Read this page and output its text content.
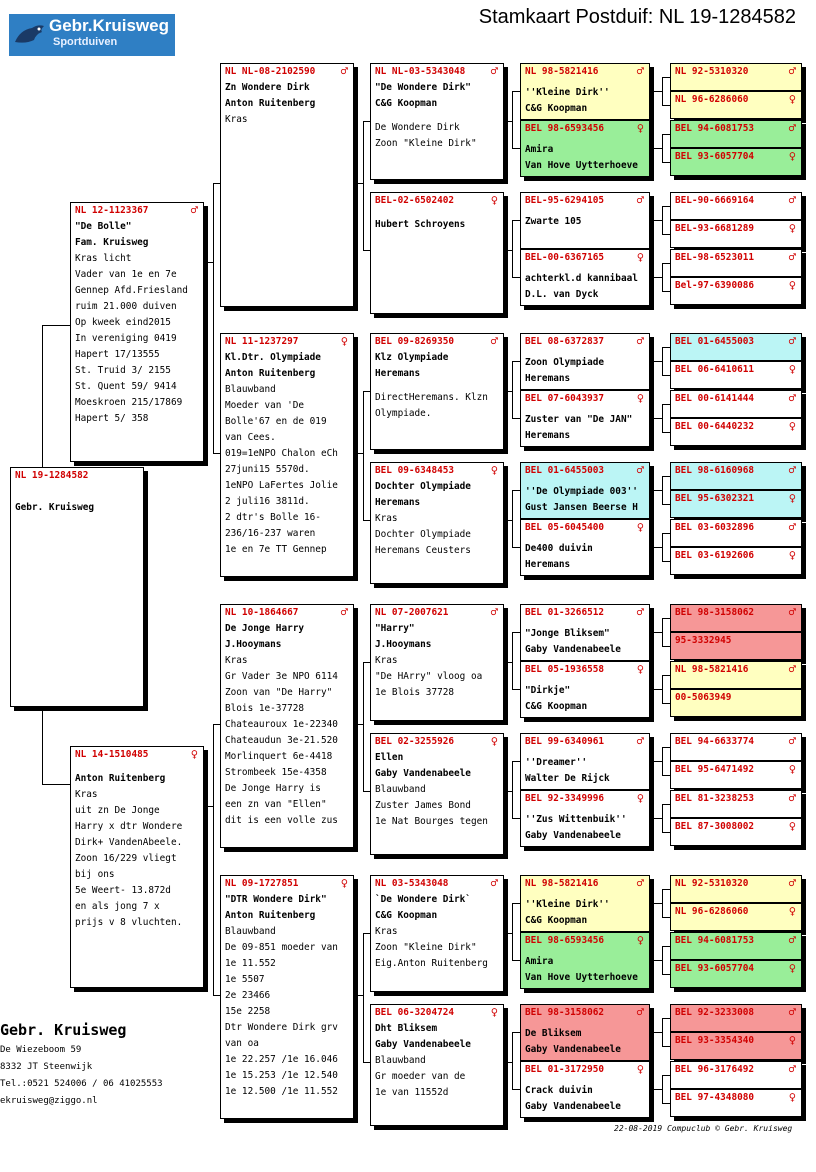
Gebr.Kruisweg
Sportduiven
Stamkaart Postduif: NL 19-1284582
NL 19-1284582
Gebr. Kruisweg
NL 12-1123367	♂
"De Bolle"
Fam. Kruisweg
Kras licht
Vader van 1e en 7e
Gennep Afd.Friesland
ruim 21.000 duiven
Op kweek eind2015
In vereniging 0419
Hapert 17/13555
St. Truid 3/ 2155
St. Quent 59/ 9414
Moeskroen 215/17869
Hapert 5/ 358
NL 14-1510485	♀
Anton Ruitenberg
Kras
uit zn De Jonge
Harry x dtr Wondere
Dirk+ VandenAbeele.
Zoon 16/229 vliegt
bij ons
5e Weert- 13.872d
en als jong 7 x
prijs v 8 vluchten.
NL NL-08-2102590	♂
Zn Wondere Dirk
Anton Ruitenberg
Kras
NL 11-1237297	♀
Kl.Dtr. Olympiade
Anton Ruitenberg
Blauwband
Moeder van 'De
Bolle'67 en de 019
van Cees.
019=1eNPO Chalon eCh
27juni15 5570d.
1eNPO LaFertes Jolie
2 juli16 3811d.
2 dtr's Bolle 16-
236/16-237 waren
1e en 7e TT Gennep
NL 10-1864667	♂
De Jonge Harry
J.Hooymans
Kras
Gr Vader 3e NPO 6114
Zoon van "De Harry"
Blois 1e-37728
Chateauroux 1e-22340
Chateaudun 3e-21.520
Morlinquert 6e-4418
Strombeek 15e-4358
De Jonge Harry is
een zn van "Ellen"
dit is een volle zus
NL 09-1727851	♀
"DTR Wondere Dirk"
Anton Ruitenberg
Blauwband
De 09-851 moeder van
1e 11.552
1e 5507
2e 23466
15e 2258
Dtr Wondere Dirk grv
van oa
1e 22.257 /1e 16.046
1e 15.253 /1e 12.540
1e 12.500 /1e 11.552
NL NL-03-5343048	♂
"De Wondere Dirk"
C&G Koopman
De Wondere Dirk
Zoon "Kleine Dirk"
BEL-02-6502402	♀
Hubert Schroyens
BEL 09-8269350	♂
Klz Olympiade
Heremans
DirectHeremans. Klzn
Olympiade.
BEL 09-6348453	♀
Dochter Olympiade
Heremans
Kras
Dochter Olympiade
Heremans Ceusters
NL 07-2007621	♂
"Harry"
J.Hooymans
Kras
"De HArry" vloog oa
1e Blois 37728
BEL 02-3255926	♀
Ellen
Gaby Vandenabeele
Blauwband
Zuster James Bond
1e Nat Bourges tegen
NL 03-5343048	♂
`De Wondere Dirk`
C&G Koopman
Kras
Zoon "Kleine Dirk"
Eig.Anton Ruitenberg
BEL 06-3204724	♀
Dht Bliksem
Gaby Vandenabeele
Blauwband
Gr moeder van de
1e van 11552d
NL 98-5821416	♂
''Kleine Dirk''
C&G Koopman
BEL 98-6593456	♀
Amira
Van Hove Uytterhoeve
BEL-95-6294105	♂
Zwarte 105
BEL-00-6367165	♀
achterkl.d kannibaal
D.L. van Dyck
BEL 08-6372837	♂
Zoon Olympiade
Heremans
BEL 07-6043937	♀
Zuster van "De JAN"
Heremans
BEL 01-6455003	♂
''De Olympiade 003''
Gust Jansen Beerse H
BEL 05-6045400	♀
De400 duivin
Heremans
BEL 01-3266512	♂
"Jonge Bliksem"
Gaby Vandenabeele
BEL 05-1936558	♀
"Dirkje"
C&G Koopman
BEL 99-6340961	♂
''Dreamer''
Walter De Rijck
BEL 92-3349996	♀
''Zus Wittenbuik''
Gaby Vandenabeele
NL 98-5821416	♂
''Kleine Dirk''
C&G Koopman
BEL 98-6593456	♀
Amira
Van Hove Uytterhoeve
BEL 98-3158062	♂
De Bliksem
Gaby Vandenabeele
BEL 01-3172950	♀
Crack duivin
Gaby Vandenabeele
NL 92-5310320	♂
NL 96-6286060	♀
BEL 94-6081753	♂
BEL 93-6057704	♀
BEL-90-6669164	♂
BEL-93-6681289	♀
BEL-98-6523011	♂
Bel-97-6390086	♀
BEL 01-6455003	♂
BEL 06-6410611	♀
BEL 00-6141444	♂
BEL 00-6440232	♀
BEL 98-6160968	♂
BEL 95-6302321	♀
BEL 03-6032896	♂
BEL 03-6192606	♀
BEL 98-3158062	♂
95-3332945
NL 98-5821416	♂
00-5063949
BEL 94-6633774	♂
BEL 95-6471492	♀
BEL 81-3238253	♂
BEL 87-3008002	♀
NL 92-5310320	♂
NL 96-6286060	♀
BEL 94-6081753	♂
BEL 93-6057704	♀
BEL 92-3233008	♂
BEL 93-3354340	♀
BEL 96-3176492	♂
BEL 97-4348080	♀
Gebr. Kruisweg
De Wiezeboom 59
8332 JT Steenwijk
Tel.:0521 524006 / 06 41025553
ekruisweg@ziggo.nl
22-08-2019 Compuclub © Gebr. Kruisweg
